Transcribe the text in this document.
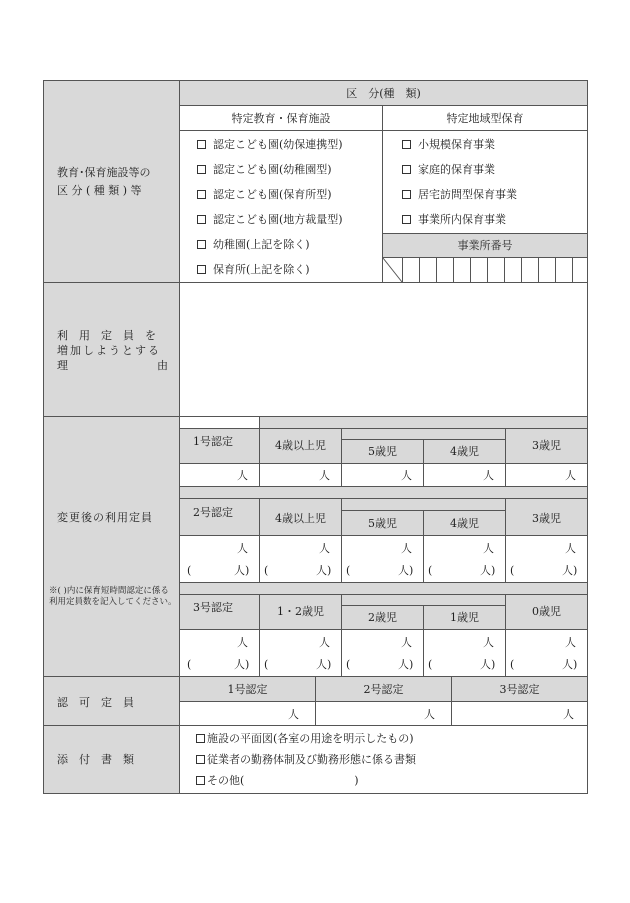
教育･保育施設等の
区 分 ( 種 類 ) 等
区　分(種　類)
特定教育・保育施設	特定地域型保育
認定こども園(幼保連携型)
認定こども園(幼稚園型)
認定こども園(保育所型)
認定こども園(地方裁量型)
幼稚園(上記を除く)
保育所(上記を除く)
小規模保育事業
家庭的保育事業
居宅訪問型保育事業
事業所内保育事業
事業所番号
利　用　定　員　を
増加しようとする
理	由
変更後の利用定員
※( )内に保育短時間認定に係る利用定員数を記入してください。
1号認定	4歳以上児	5歳児	4歳児	3歳児
人	人	人	人	人
2号認定	4歳以上児	5歳児	4歳児	3歳児
人	人	人	人	人
(	人) (	人) (	人) (	人) (	人)
3号認定	1・2歳児	2歳児	1歳児	0歳児
人	人	人	人	人
(	人) (	人) (	人) (	人) (	人)
認　可　定　員
1号認定	2号認定	3号認定
人	人	人
添　付　書　類
施設の平面図(各室の用途を明示したもの)
従業者の勤務体制及び勤務形態に係る書類
その他(　　　　　　　　　　)
